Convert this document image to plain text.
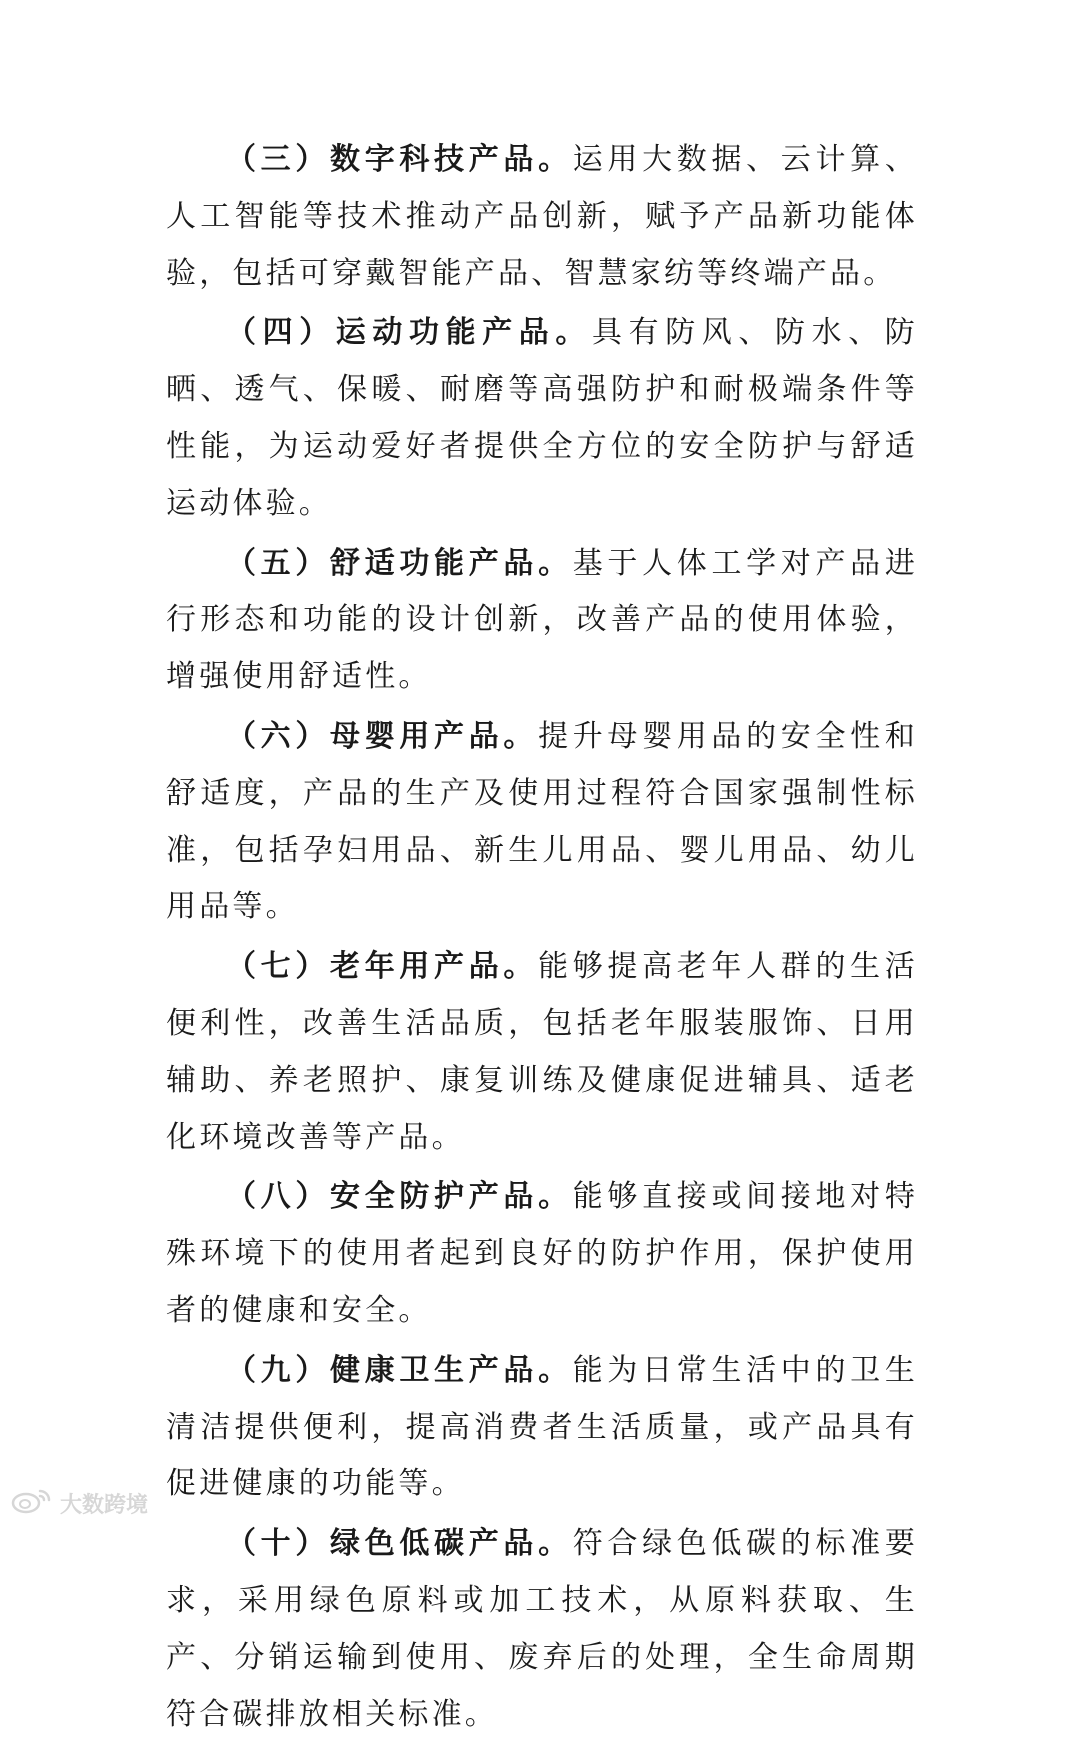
（三）数字科技产品。运用大数据、云计算、人工智能等技术推动产品创新，赋予产品新功能体验，包括可穿戴智能产品、智慧家纺等终端产品。

（四）运动功能产品。具有防风、防水、防晒、透气、保暖、耐磨等高强防护和耐极端条件等性能，为运动爱好者提供全方位的安全防护与舒适运动体验。

（五）舒适功能产品。基于人体工学对产品进行形态和功能的设计创新，改善产品的使用体验，增强使用舒适性。

（六）母婴用产品。提升母婴用品的安全性和舒适度，产品的生产及使用过程符合国家强制性标准，包括孕妇用品、新生儿用品、婴儿用品、幼儿用品等。

（七）老年用产品。能够提高老年人群的生活便利性，改善生活品质，包括老年服装服饰、日用辅助、养老照护、康复训练及健康促进辅具、适老化环境改善等产品。

（八）安全防护产品。能够直接或间接地对特殊环境下的使用者起到良好的防护作用，保护使用者的健康和安全。

（九）健康卫生产品。能为日常生活中的卫生清洁提供便利，提高消费者生活质量，或产品具有促进健康的功能等。

（十）绿色低碳产品。符合绿色低碳的标准要求，采用绿色原料或加工技术，从原料获取、生产、分销运输到使用、废弃后的处理，全生命周期符合碳排放相关标准。

大数跨境
